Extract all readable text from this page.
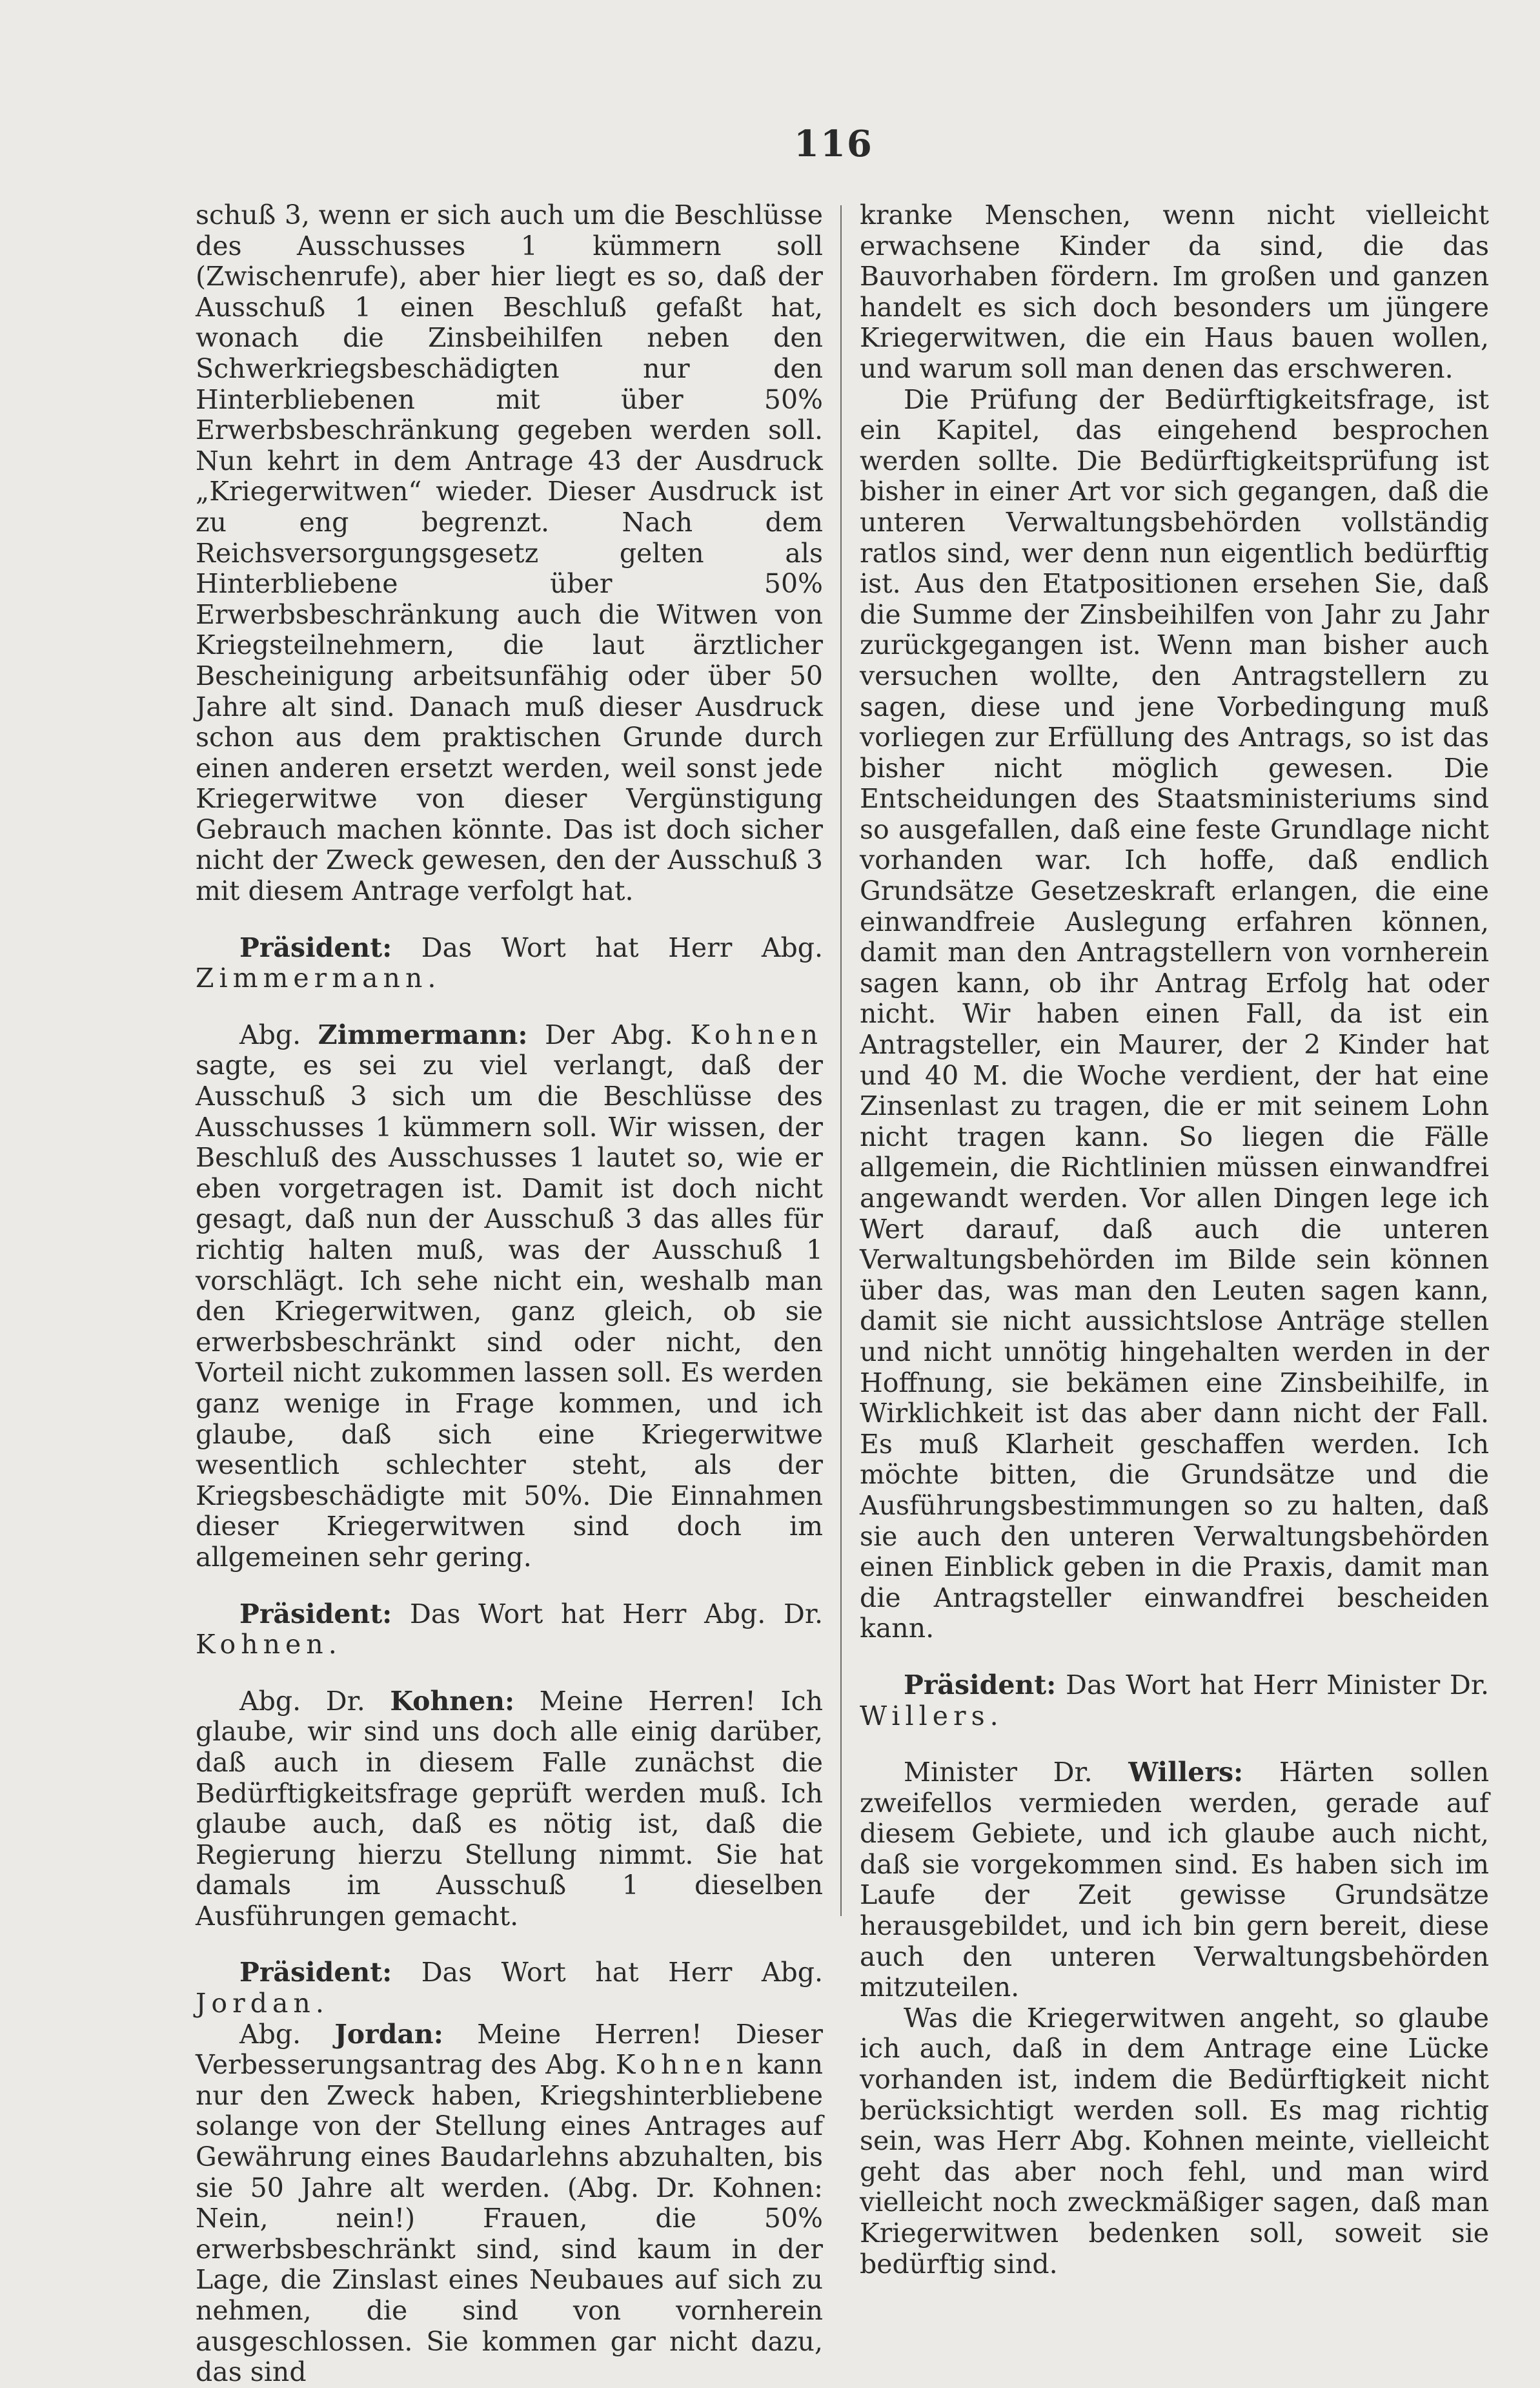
116

schuß 3, wenn er sich auch um die Beschlüsse des Ausschusses 1 kümmern soll (Zwischenrufe), aber hier liegt es so, daß der Ausschuß 1 einen Beschluß gefaßt hat, wonach die Zinsbeihilfen neben den Schwerkriegsbeschädigten nur den Hinterbliebenen mit über 50% Erwerbsbeschränkung gegeben werden soll. Nun kehrt in dem Antrage 43 der Ausdruck „Kriegerwitwen“ wieder. Dieser Ausdruck ist zu eng begrenzt. Nach dem Reichsversorgungsgesetz gelten als Hinterbliebene über 50% Erwerbsbeschränkung auch die Witwen von Kriegsteilnehmern, die laut ärztlicher Bescheinigung arbeitsunfähig oder über 50 Jahre alt sind. Danach muß dieser Ausdruck schon aus dem praktischen Grunde durch einen anderen ersetzt werden, weil sonst jede Kriegerwitwe von dieser Vergünstigung Gebrauch machen könnte. Das ist doch sicher nicht der Zweck gewesen, den der Ausschuß 3 mit diesem Antrage verfolgt hat.

Präsident: Das Wort hat Herr Abg. Zimmermann.

Abg. Zimmermann: Der Abg. Kohnen sagte, es sei zu viel verlangt, daß der Ausschuß 3 sich um die Beschlüsse des Ausschusses 1 kümmern soll. Wir wissen, der Beschluß des Ausschusses 1 lautet so, wie er eben vorgetragen ist. Damit ist doch nicht gesagt, daß nun der Ausschuß 3 das alles für richtig halten muß, was der Ausschuß 1 vorschlägt. Ich sehe nicht ein, weshalb man den Kriegerwitwen, ganz gleich, ob sie erwerbsbeschränkt sind oder nicht, den Vorteil nicht zukommen lassen soll. Es werden ganz wenige in Frage kommen, und ich glaube, daß sich eine Kriegerwitwe wesentlich schlechter steht, als der Kriegsbeschädigte mit 50%. Die Einnahmen dieser Kriegerwitwen sind doch im allgemeinen sehr gering.

Präsident: Das Wort hat Herr Abg. Dr. Kohnen.

Abg. Dr. Kohnen: Meine Herren! Ich glaube, wir sind uns doch alle einig darüber, daß auch in diesem Falle zunächst die Bedürftigkeitsfrage geprüft werden muß. Ich glaube auch, daß es nötig ist, daß die Regierung hierzu Stellung nimmt. Sie hat damals im Ausschuß 1 dieselben Ausführungen gemacht.

Präsident: Das Wort hat Herr Abg. Jordan.

Abg. Jordan: Meine Herren! Dieser Verbesserungsantrag des Abg. Kohnen kann nur den Zweck haben, Kriegshinterbliebene solange von der Stellung eines Antrages auf Gewährung eines Baudarlehns abzuhalten, bis sie 50 Jahre alt werden. (Abg. Dr. Kohnen: Nein, nein!) Frauen, die 50% erwerbsbeschränkt sind, sind kaum in der Lage, die Zinslast eines Neubaues auf sich zu nehmen, die sind von vornherein ausgeschlossen. Sie kommen gar nicht dazu, das sind

kranke Menschen, wenn nicht vielleicht erwachsene Kinder da sind, die das Bauvorhaben fördern. Im großen und ganzen handelt es sich doch besonders um jüngere Kriegerwitwen, die ein Haus bauen wollen, und warum soll man denen das erschweren.

Die Prüfung der Bedürftigkeitsfrage, ist ein Kapitel, das eingehend besprochen werden sollte. Die Bedürftigkeitsprüfung ist bisher in einer Art vor sich gegangen, daß die unteren Verwaltungsbehörden vollständig ratlos sind, wer denn nun eigentlich bedürftig ist. Aus den Etatpositionen ersehen Sie, daß die Summe der Zinsbeihilfen von Jahr zu Jahr zurückgegangen ist. Wenn man bisher auch versuchen wollte, den Antragstellern zu sagen, diese und jene Vorbedingung muß vorliegen zur Erfüllung des Antrags, so ist das bisher nicht möglich gewesen. Die Entscheidungen des Staatsministeriums sind so ausgefallen, daß eine feste Grundlage nicht vorhanden war. Ich hoffe, daß endlich Grundsätze Gesetzeskraft erlangen, die eine einwandfreie Auslegung erfahren können, damit man den Antragstellern von vornherein sagen kann, ob ihr Antrag Erfolg hat oder nicht. Wir haben einen Fall, da ist ein Antragsteller, ein Maurer, der 2 Kinder hat und 40 M. die Woche verdient, der hat eine Zinsenlast zu tragen, die er mit seinem Lohn nicht tragen kann. So liegen die Fälle allgemein, die Richtlinien müssen einwandfrei angewandt werden. Vor allen Dingen lege ich Wert darauf, daß auch die unteren Verwaltungsbehörden im Bilde sein können über das, was man den Leuten sagen kann, damit sie nicht aussichtslose Anträge stellen und nicht unnötig hingehalten werden in der Hoffnung, sie bekämen eine Zinsbeihilfe, in Wirklichkeit ist das aber dann nicht der Fall. Es muß Klarheit geschaffen werden. Ich möchte bitten, die Grundsätze und die Ausführungsbestimmungen so zu halten, daß sie auch den unteren Verwaltungsbehörden einen Einblick geben in die Praxis, damit man die Antragsteller einwandfrei bescheiden kann.

Präsident: Das Wort hat Herr Minister Dr. Willers.

Minister Dr. Willers: Härten sollen zweifellos vermieden werden, gerade auf diesem Gebiete, und ich glaube auch nicht, daß sie vorgekommen sind. Es haben sich im Laufe der Zeit gewisse Grundsätze herausgebildet, und ich bin gern bereit, diese auch den unteren Verwaltungsbehörden mitzuteilen.

Was die Kriegerwitwen angeht, so glaube ich auch, daß in dem Antrage eine Lücke vorhanden ist, indem die Bedürftigkeit nicht berücksichtigt werden soll. Es mag richtig sein, was Herr Abg. Kohnen meinte, vielleicht geht das aber noch fehl, und man wird vielleicht noch zweckmäßiger sagen, daß man Kriegerwitwen bedenken soll, soweit sie bedürftig sind.
